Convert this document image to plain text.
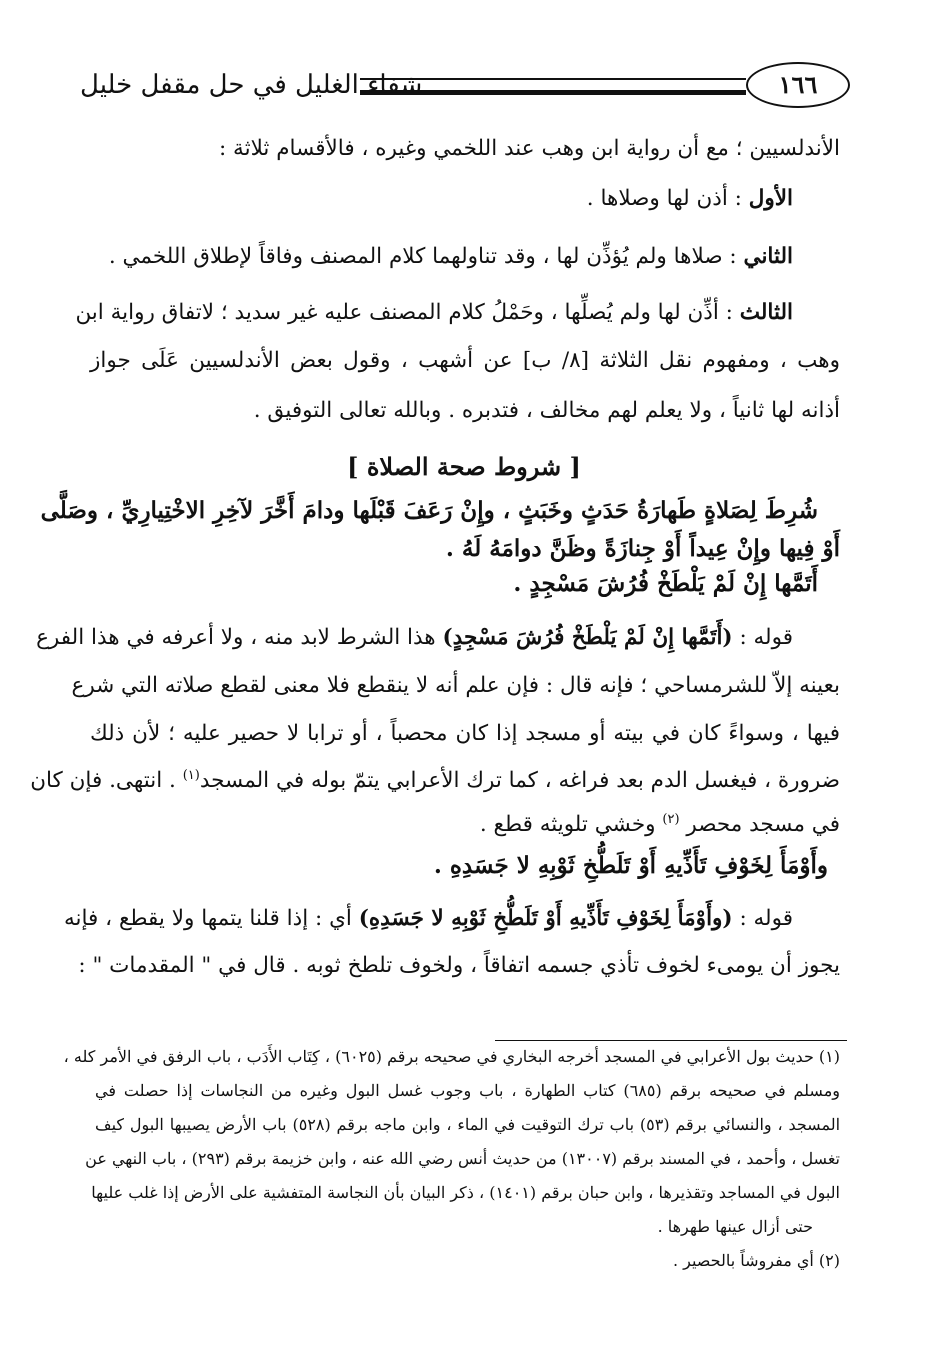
١٦٦
شفاء الغليل في حل مقفل خليل
الأندلسيين ؛ مع أن رواية ابن وهب عند اللخمي وغيره ، فالأقسام ثلاثة :
الأول : أذن لها وصلاها .
الثاني : صلاها ولم يُؤذِّن لها ، وقد تناولهما كلام المصنف وفاقاً لإطلاق اللخمي .
الثالث : أذِّن لها ولم يُصلِّها ، وحَمْلُ كلام المصنف عليه غير سديد ؛ لاتفاق رواية ابن
وهب ، ومفهوم نقل الثلاثة [٨/ ب] عن أشهب ، وقول بعض الأندلسيين عَلَى جواز
أذانه لها ثانياً ، ولا يعلم لهم مخالف ، فتدبره . وبالله تعالى التوفيق .
[ شروط صحة الصلاة ]
شُرِطَ لِصَلاةٍ طَهارَةُ حَدَثٍ وخَبَثٍ ، وإِنْ رَعَفَ قَبْلَها ودامَ أَخَّرَ لآخِرِ الاخْتِيارِيِّ ، وصَلَّى
أَوْ فِيها وإِنْ عِيداً أَوْ جِنازَةً وظَنَّ دوامَهُ لَهُ .
أَتَمَّها إِنْ لَمْ يَلْطَخْ فُرُشَ مَسْجِدٍ .
قوله : (أَتَمَّها إِنْ لَمْ يَلْطَخْ فُرُشَ مَسْجِدٍ) هذا الشرط لابد منه ، ولا أعرفه في هذا الفرع
بعينه إلاّ للشرمساحي ؛ فإنه قال : فإن علم أنه لا ينقطع فلا معنى لقطع صلاته التي شرع
فيها ، وسواءً كان في بيته أو مسجد إذا كان محصباً ، أو ترابا لا حصير عليه ؛ لأن ذلك
ضرورة ، فيغسل الدم بعد فراغه ، كما ترك الأعرابي يتمّ بوله في المسجد$^{(١)}$ . انتهى. فإن كان
في مسجد محصر $^{(٢)}$ وخشي تلويثه قطع .
وأَوْمَأَ لِخَوْفِ تَأَذِّيهِ أَوْ تَلَطُّخِ ثَوْبِهِ لا جَسَدِهِ .
قوله : (وأَوْمَأَ لِخَوْفِ تَأَذِّيهِ أَوْ تَلَطُّخِ ثَوْبِهِ لا جَسَدِهِ) أي : إذا قلنا يتمها ولا يقطع ، فإنه
يجوز أن يومىء لخوف تأذي جسمه اتفاقاً ، ولخوف تلطخ ثوبه . قال في " المقدمات " :
(١) حديث بول الأعرابي في المسجد أخرجه البخاري في صحيحه برقم (٦٠٢٥) ، كِتَاب الأَدَب ، باب الرفق في الأمر كله ،
ومسلم في صحيحه برقم (٦٨٥) كتاب الطهارة ، باب وجوب غسل البول وغيره من النجاسات إذا حصلت في
المسجد ، والنسائي برقم (٥٣) باب ترك التوقيت في الماء ، وابن ماجه برقم (٥٢٨) باب الأرض يصيبها البول كيف
تغسل ، وأحمد ، في المسند برقم (١٣٠٠٧) من حديث أنس رضي الله عنه ، وابن خزيمة برقم (٢٩٣) ، باب النهي عن
البول في المساجد وتقذيرها ، وابن حبان برقم (١٤٠١) ، ذكر البيان بأن النجاسة المتفشية على الأرض إذا غلب عليها
حتى أزال عينها طهرها .
(٢) أي مفروشاً بالحصير .
